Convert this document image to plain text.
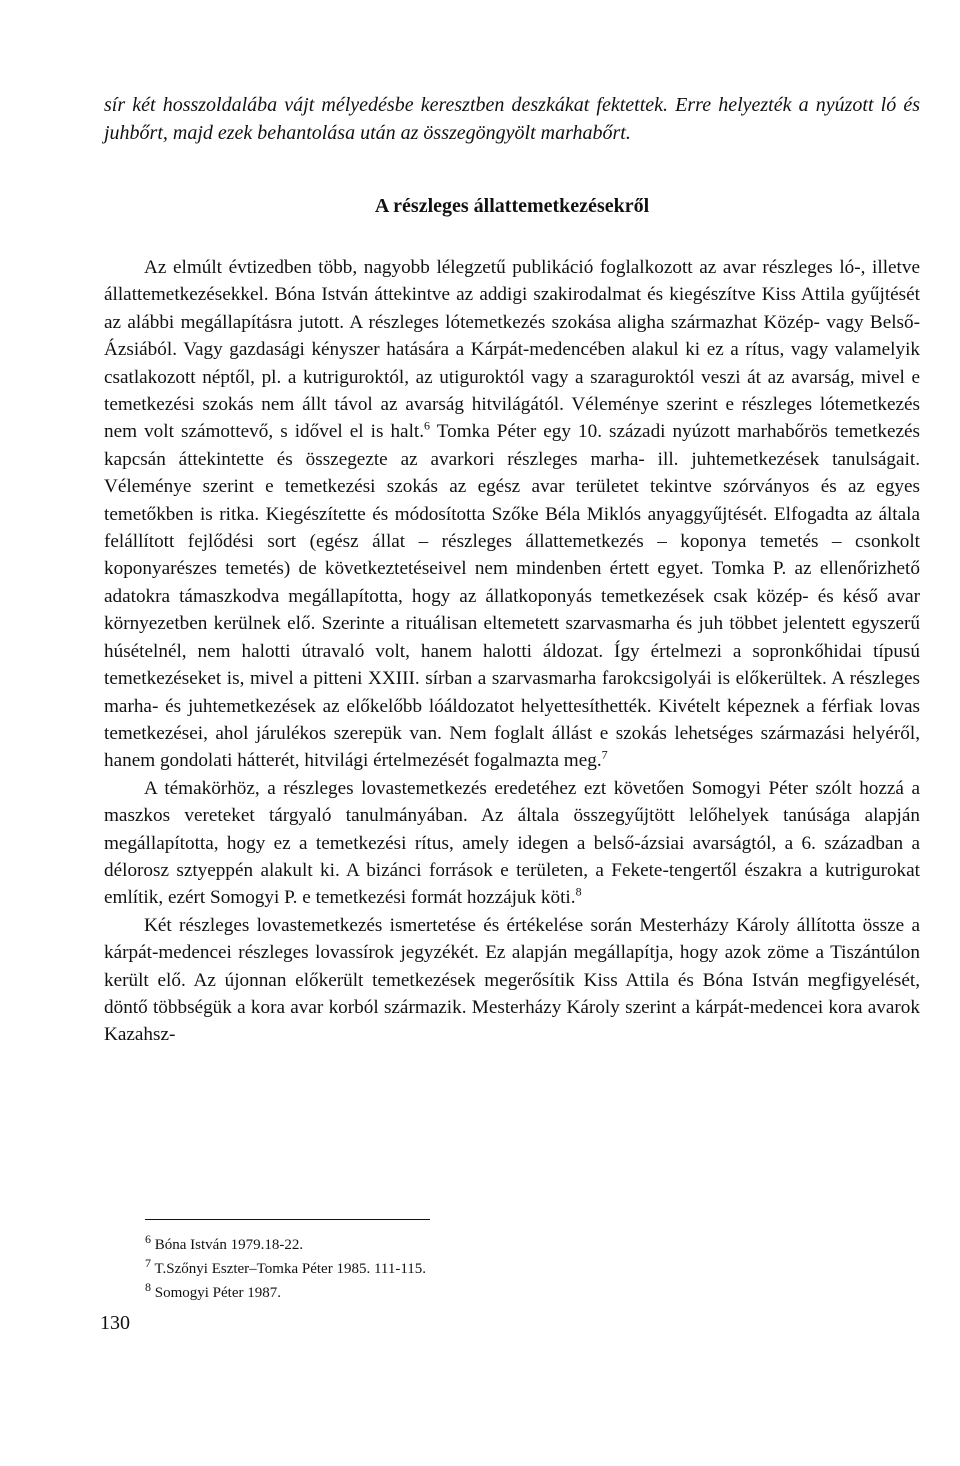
sír két hosszoldalába vájt mélyedésbe keresztben deszkákat fektettek. Erre helyezték a nyúzott ló és juhbőrt, majd ezek behantolása után az összegöngyölt marhabőrt.
A részleges állattemetkezésekről

Az elmúlt évtizedben több, nagyobb lélegzetű publikáció foglalkozott az avar részleges ló-, illetve állattemetkezésekkel. Bóna István áttekintve az addigi szakirodalmat és kiegészítve Kiss Attila gyűjtését az alábbi megállapításra jutott. A részleges lótemetkezés szokása aligha származhat Közép- vagy Belső-Ázsiából. Vagy gazdasági kényszer hatására a Kárpát-medencében alakul ki ez a rítus, vagy valamelyik csatlakozott néptől, pl. a kutriguroktól, az utiguroktól vagy a szaraguroktól veszi át az avarság, mivel e temetkezési szokás nem állt távol az avarság hitvilágától. Véleménye szerint e részleges lótemetkezés nem volt számottevő, s idővel el is halt.$^6$ Tomka Péter egy 10. századi nyúzott marhabőrös temetkezés kapcsán áttekintette és összegezte az avarkori részleges marha- ill. juhtemetkezések tanulságait. Véleménye szerint e temetkezési szokás az egész avar területet tekintve szórványos és az egyes temetőkben is ritka. Kiegészítette és módosította Szőke Béla Miklós anyaggyűjtését. Elfogadta az általa felállított fejlődési sort (egész állat – részleges állattemetkezés – koponya temetés – csonkolt koponyarészes temetés) de következtetéseivel nem mindenben értett egyet. Tomka P. az ellenőrizhető adatokra támaszkodva megállapította, hogy az állatkoponyás temetkezések csak közép- és késő avar környezetben kerülnek elő. Szerinte a rituálisan eltemetett szarvasmarha és juh többet jelentett egyszerű húsételnél, nem halotti útravaló volt, hanem halotti áldozat. Így értelmezi a sopronkőhidai típusú temetkezéseket is, mivel a pitteni XXIII. sírban a szarvasmarha farokcsigolyái is előkerültek. A részleges marha- és juhtemetkezések az előkelőbb lóáldozatot helyettesíthették. Kivételt képeznek a férfiak lovas temetkezései, ahol járulékos szerepük van. Nem foglalt állást e szokás lehetséges származási helyéről, hanem gondolati hátterét, hitvilági értelmezését fogalmazta meg.$^7$

A témakörhöz, a részleges lovastemetkezés eredetéhez ezt követően Somogyi Péter szólt hozzá a maszkos vereteket tárgyaló tanulmányában. Az általa összegyűjtött lelőhelyek tanúsága alapján megállapította, hogy ez a temetkezési rítus, amely idegen a belső-ázsiai avarságtól, a 6. században a délorosz sztyeppén alakult ki. A bizánci források e területen, a Fekete-tengertől északra a kutrigurokat említik, ezért Somogyi P. e temetkezési formát hozzájuk köti.$^8$

Két részleges lovastemetkezés ismertetése és értékelése során Mesterházy Károly állította össze a kárpát-medencei részleges lovassírok jegyzékét. Ez alapján megállapítja, hogy azok zöme a Tiszántúlon került elő. Az újonnan előkerült temetkezések megerősítik Kiss Attila és Bóna István megfigyelését, döntő többségük a kora avar korból származik. Mesterházy Károly szerint a kárpát-medencei kora avarok Kazahsz-

$^6$ Bóna István 1979.18-22.
$^7$ T.Szőnyi Eszter–Tomka Péter 1985. 111-115.
$^8$ Somogyi Péter 1987.
130
